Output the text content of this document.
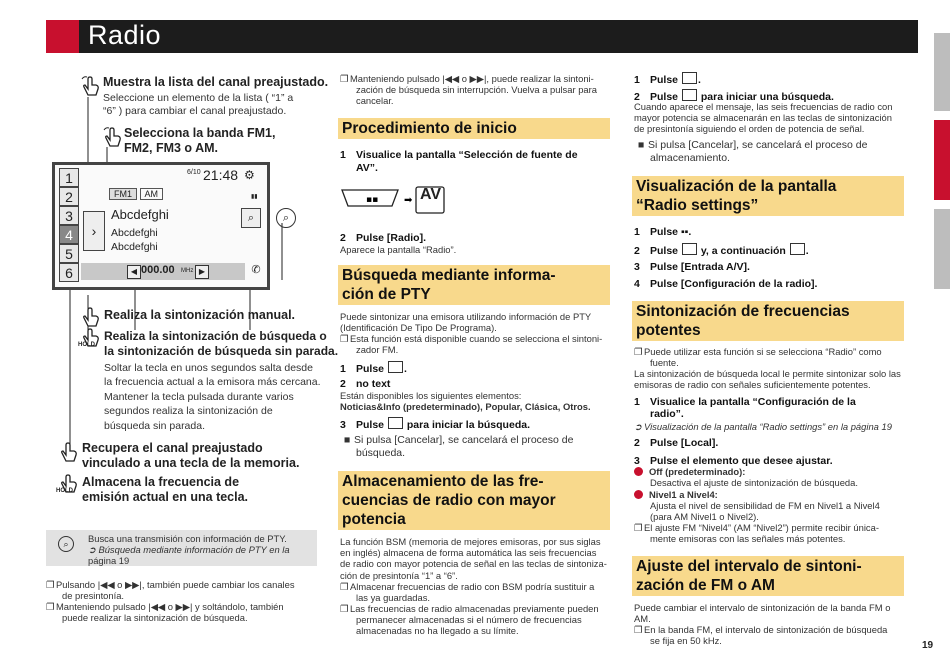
Radio
Muestra la lista del canal preajustado.
Seleccione un elemento de la lista ( “1” a
“6” ) para cambiar el canal preajustado.
Selecciona la banda FM1,
FM2, FM3 o AM.
1
2
3
4
5
6
›
FM1 AM
6/10 21:48 ⚙
Abcdefghi
Abcdefghi
Abcdefghi
⌕
▮▮
◀ 000.00 MHz ▶	✆
⌕
Realiza la sintonización manual.
HOLD
Realiza la sintonización de búsqueda o
la sintonización de búsqueda sin parada.
Soltar la tecla en unos segundos salta desde
la frecuencia actual a la emisora más cercana.
Mantener la tecla pulsada durante varios
segundos realiza la sintonización de
búsqueda sin parada.
Recupera el canal preajustado
vinculado a una tecla de la memoria.
HOLD
Almacena la frecuencia de
emisión actual en una tecla.
⌕	Busca una transmisión con información de PTY.
➲ Búsqueda mediante información de PTY en la
página 19
❐ Pulsando |◀◀ o ▶▶|, también puede cambiar los canales
de presintonía.
❐ Manteniendo pulsado |◀◀ o ▶▶| y soltándolo, también
puede realizar la sintonización de búsqueda.
❐ Manteniendo pulsado |◀◀ o ▶▶|, puede realizar la sintoni-
zación de búsqueda sin interrupción. Vuelva a pulsar para
cancelar.
Procedimiento de inicio
1 Visualice la pantalla “Selección de fuente de
AV”.
▪▪	➡ AV
2 Pulse [Radio].
Aparece la pantalla “Radio”.
Búsqueda mediante informa-
ción de PTY
Puede sintonizar una emisora utilizando información de PTY
(Identificación De Tipo De Programa).
❐ Esta función está disponible cuando se selecciona el sintoni-
zador FM.
1 Pulse .
2 no text
Están disponibles los siguientes elementos:
Noticias&Info (predeterminado), Popular, Clásica, Otros.
3 Pulse para iniciar la búsqueda.
■ Si pulsa [Cancelar], se cancelará el proceso de
búsqueda.
Almacenamiento de las fre-
cuencias de radio con mayor
potencia
La función BSM (memoria de mejores emisoras, por sus siglas
en inglés) almacena de forma automática las seis frecuencias
de radio con mayor potencia de señal en las teclas de sintoniza-
ción de presintonía “1” a “6”.
❐ Almacenar frecuencias de radio con BSM podría sustituir a
las ya guardadas.
❐ Las frecuencias de radio almacenadas previamente pueden
permanecer almacenadas si el número de frecuencias
almacenadas no ha llegado a su límite.
1 Pulse .
2 Pulse para iniciar una búsqueda.
Cuando aparece el mensaje, las seis frecuencias de radio con
mayor potencia se almacenarán en las teclas de sintonización
de presintonía siguiendo el orden de potencia de señal.
■ Si pulsa [Cancelar], se cancelará el proceso de
almacenamiento.
Visualización de la pantalla
“Radio settings”
1 Pulse ▪▪.
2 Pulse y, a continuación .
3 Pulse [Entrada A/V].
4 Pulse [Configuración de la radio].
Sintonización de frecuencias
potentes
❐ Puede utilizar esta función si se selecciona “Radio” como
fuente.
La sintonización de búsqueda local le permite sintonizar solo las
emisoras de radio con señales suficientemente potentes.
1 Visualice la pantalla “Configuración de la
radio”.
➲ Visualización de la pantalla “Radio settings” en la página 19
2 Pulse [Local].
3 Pulse el elemento que desee ajustar.
Off (predeterminado):
Desactiva el ajuste de sintonización de búsqueda.
Nivel1 a Nivel4:
Ajusta el nivel de sensibilidad de FM en Nivel1 a Nivel4
(para AM Nivel1 o Nivel2).
❐ El ajuste FM “Nivel4” (AM “Nivel2”) permite recibir única-
mente emisoras con las señales más potentes.
Ajuste del intervalo de sintoni-
zación de FM o AM
Puede cambiar el intervalo de sintonización de la banda FM o
AM.
❐ En la banda FM, el intervalo de sintonización de búsqueda
se fija en 50 kHz.	19
